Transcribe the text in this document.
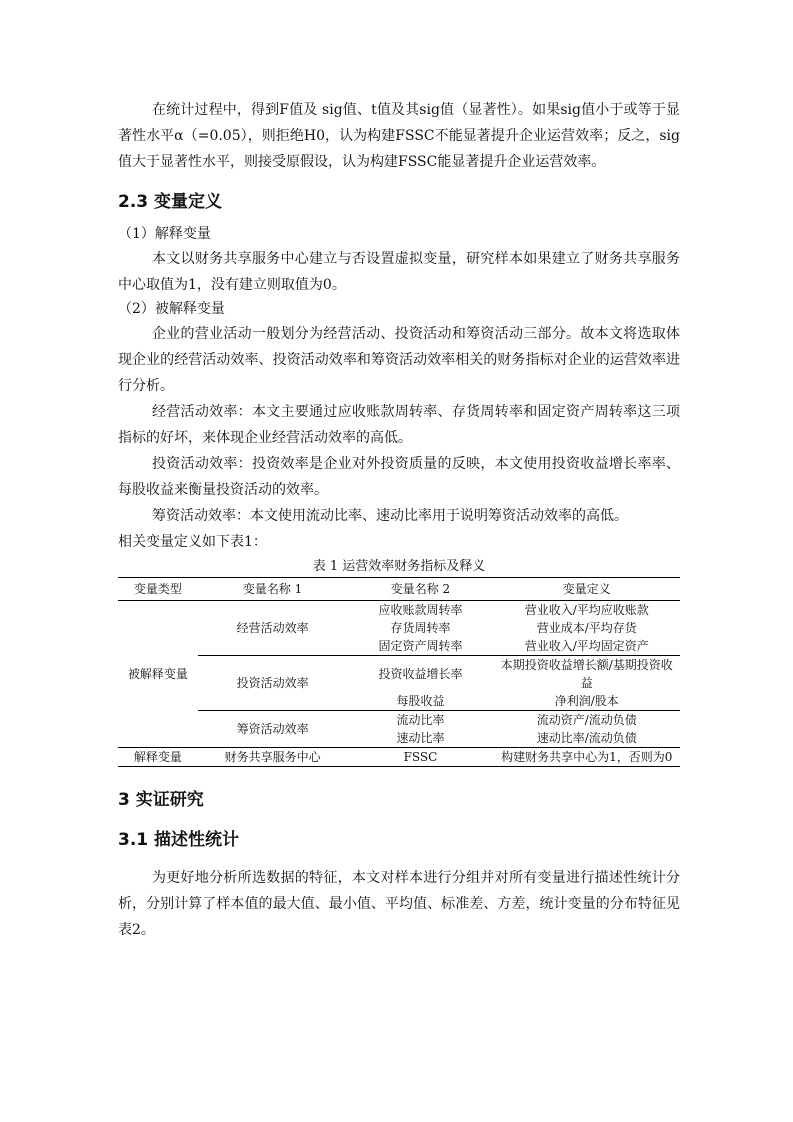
在统计过程中，得到F值及 sig值、t值及其sig值（显著性）。如果sig值小于或等于显著性水平α（=0.05），则拒绝H0，认为构建FSSC不能显著提升企业运营效率；反之，sig值大于显著性水平，则接受原假设，认为构建FSSC能显著提升企业运营效率。

2.3 变量定义

（1）解释变量

本文以财务共享服务中心建立与否设置虚拟变量，研究样本如果建立了财务共享服务中心取值为1，没有建立则取值为0。

（2）被解释变量

企业的营业活动一般划分为经营活动、投资活动和筹资活动三部分。故本文将选取体现企业的经营活动效率、投资活动效率和筹资活动效率相关的财务指标对企业的运营效率进行分析。

经营活动效率：本文主要通过应收账款周转率、存货周转率和固定资产周转率这三项指标的好坏，来体现企业经营活动效率的高低。

投资活动效率：投资效率是企业对外投资质量的反映，本文使用投资收益增长率率、每股收益来衡量投资活动的效率。

筹资活动效率：本文使用流动比率、速动比率用于说明筹资活动效率的高低。

相关变量定义如下表1：

表 1 运营效率财务指标及释义
变量类型	变量名称 1	变量名称 2	变量定义
被解释变量	经营活动效率	应收账款周转率	营业收入/平均应收账款
		存货周转率	营业成本/平均存货
		固定资产周转率	营业收入/平均固定资产
	投资活动效率	投资收益增长率	本期投资收益增长额/基期投资收益
		每股收益	净利润/股本
	筹资活动效率	流动比率	流动资产/流动负债
		速动比率	速动比率/流动负债
解释变量	财务共享服务中心	FSSC	构建财务共享中心为1，否则为0
3 实证研究
3.1 描述性统计

为更好地分析所选数据的特征，本文对样本进行分组并对所有变量进行描述性统计分析，分别计算了样本值的最大值、最小值、平均值、标准差、方差，统计变量的分布特征见表2。
